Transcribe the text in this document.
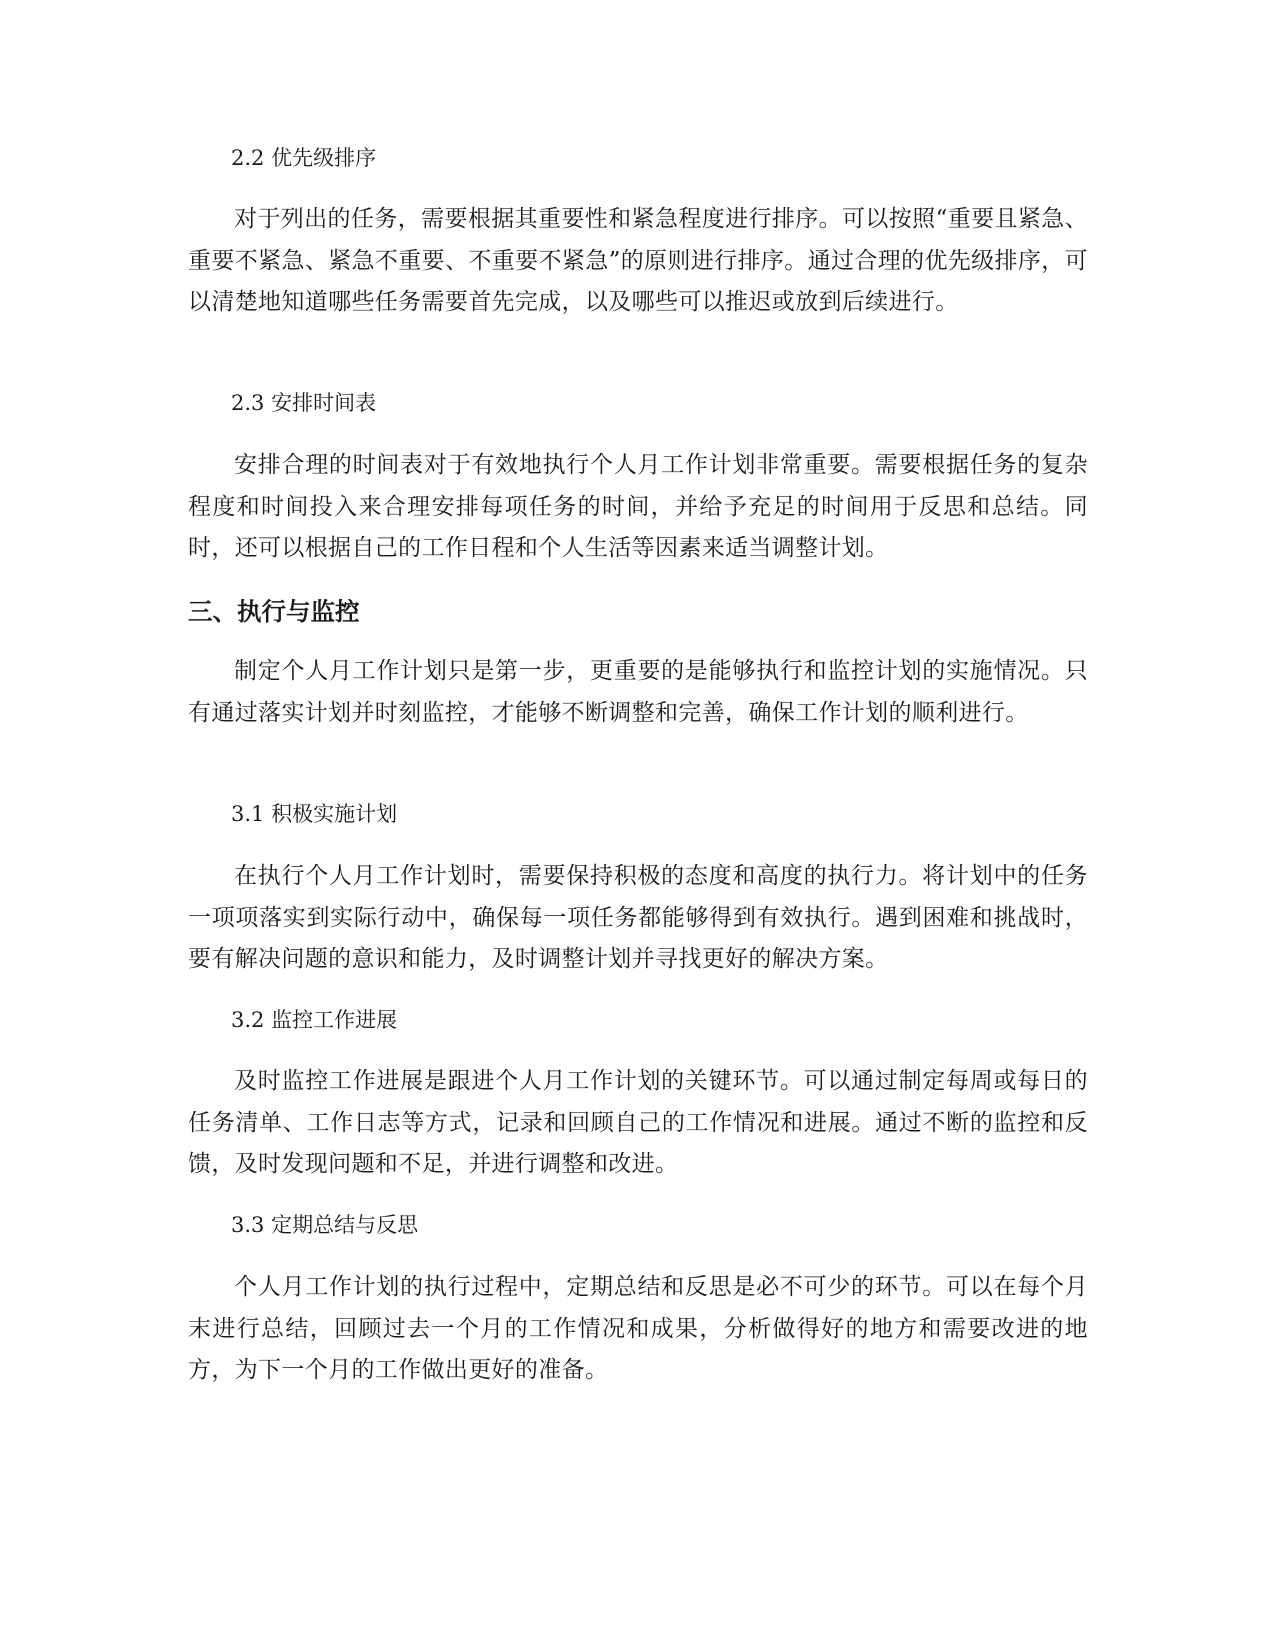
2.2 优先级排序

对于列出的任务，需要根据其重要性和紧急程度进行排序。可以按照“重要且紧急、重要不紧急、紧急不重要、不重要不紧急”的原则进行排序。通过合理的优先级排序，可以清楚地知道哪些任务需要首先完成，以及哪些可以推迟或放到后续进行。

2.3 安排时间表

安排合理的时间表对于有效地执行个人月工作计划非常重要。需要根据任务的复杂程度和时间投入来合理安排每项任务的时间，并给予充足的时间用于反思和总结。同时，还可以根据自己的工作日程和个人生活等因素来适当调整计划。

三、执行与监控

制定个人月工作计划只是第一步，更重要的是能够执行和监控计划的实施情况。只有通过落实计划并时刻监控，才能够不断调整和完善，确保工作计划的顺利进行。

3.1 积极实施计划

在执行个人月工作计划时，需要保持积极的态度和高度的执行力。将计划中的任务一项项落实到实际行动中，确保每一项任务都能够得到有效执行。遇到困难和挑战时，要有解决问题的意识和能力，及时调整计划并寻找更好的解决方案。

3.2 监控工作进展

及时监控工作进展是跟进个人月工作计划的关键环节。可以通过制定每周或每日的任务清单、工作日志等方式，记录和回顾自己的工作情况和进展。通过不断的监控和反馈，及时发现问题和不足，并进行调整和改进。

3.3 定期总结与反思

个人月工作计划的执行过程中，定期总结和反思是必不可少的环节。可以在每个月末进行总结，回顾过去一个月的工作情况和成果，分析做得好的地方和需要改进的地方，为下一个月的工作做出更好的准备。
